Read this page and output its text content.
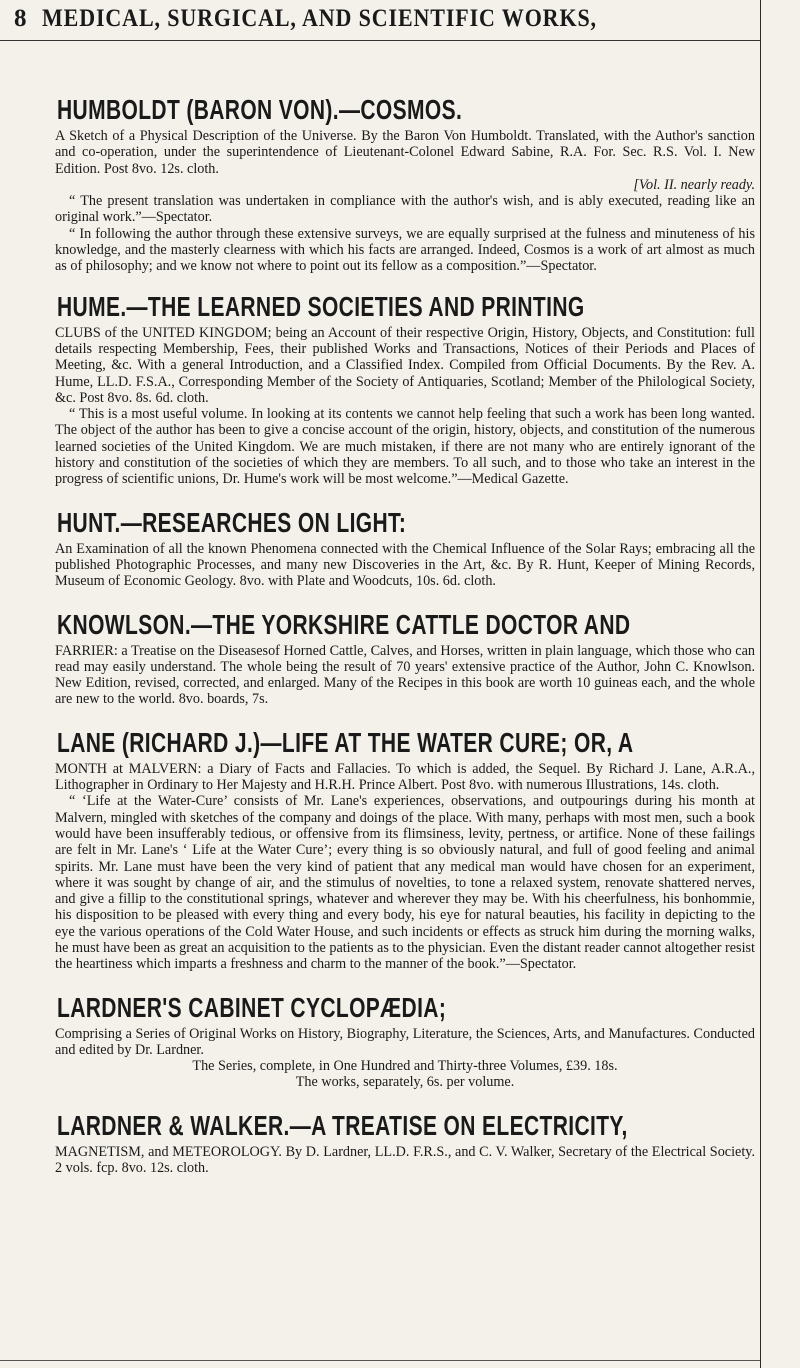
8 MEDICAL, SURGICAL, AND SCIENTIFIC WORKS,
HUMBOLDT (BARON VON).—COSMOS.

A Sketch of a Physical Description of the Universe. By the Baron Von Humboldt. Translated, with the Author's sanction and co-operation, under the superintendence of Lieutenant-Colonel Edward Sabine, R.A. For. Sec. R.S. Vol. I. New Edition. Post 8vo. 12s. cloth.

[Vol. II. nearly ready.

“ The present translation was undertaken in compliance with the author's wish, and is ably executed, reading like an original work.”—Spectator.

“ In following the author through these extensive surveys, we are equally surprised at the fulness and minuteness of his knowledge, and the masterly clearness with which his facts are arranged. Indeed, Cosmos is a work of art almost as much as of philosophy; and we know not where to point out its fellow as a composition.”—Spectator.

HUME.—THE LEARNED SOCIETIES AND PRINTING

CLUBS of the UNITED KINGDOM; being an Account of their respective Origin, History, Objects, and Constitution: full details respecting Membership, Fees, their published Works and Transactions, Notices of their Periods and Places of Meeting, &c. With a general Introduction, and a Classified Index. Compiled from Official Documents. By the Rev. A. Hume, LL.D. F.S.A., Corresponding Member of the Society of Antiquaries, Scotland; Member of the Philological Society, &c. Post 8vo. 8s. 6d. cloth.

“ This is a most useful volume. In looking at its contents we cannot help feeling that such a work has been long wanted. The object of the author has been to give a concise account of the origin, history, objects, and constitution of the numerous learned societies of the United Kingdom. We are much mistaken, if there are not many who are entirely ignorant of the history and constitution of the societies of which they are members. To all such, and to those who take an interest in the progress of scientific unions, Dr. Hume's work will be most welcome.”—Medical Gazette.

HUNT.—RESEARCHES ON LIGHT:

An Examination of all the known Phenomena connected with the Chemical Influence of the Solar Rays; embracing all the published Photographic Processes, and many new Discoveries in the Art, &c. By R. Hunt, Keeper of Mining Records, Museum of Economic Geology. 8vo. with Plate and Woodcuts, 10s. 6d. cloth.

KNOWLSON.—THE YORKSHIRE CATTLE DOCTOR AND

FARRIER: a Treatise on the Diseasesof Horned Cattle, Calves, and Horses, written in plain language, which those who can read may easily understand. The whole being the result of 70 years' extensive practice of the Author, John C. Knowlson. New Edition, revised, corrected, and enlarged. Many of the Recipes in this book are worth 10 guineas each, and the whole are new to the world. 8vo. boards, 7s.

LANE (RICHARD J.)—LIFE AT THE WATER CURE; OR, A

MONTH at MALVERN: a Diary of Facts and Fallacies. To which is added, the Sequel. By Richard J. Lane, A.R.A., Lithographer in Ordinary to Her Majesty and H.R.H. Prince Albert. Post 8vo. with numerous Illustrations, 14s. cloth.

“ ‘Life at the Water-Cure’ consists of Mr. Lane's experiences, observations, and outpourings during his month at Malvern, mingled with sketches of the company and doings of the place. With many, perhaps with most men, such a book would have been insufferably tedious, or offensive from its flimsiness, levity, pertness, or artifice. None of these failings are felt in Mr. Lane's ‘ Life at the Water Cure’; every thing is so obviously natural, and full of good feeling and animal spirits. Mr. Lane must have been the very kind of patient that any medical man would have chosen for an experiment, where it was sought by change of air, and the stimulus of novelties, to tone a relaxed system, renovate shattered nerves, and give a fillip to the constitutional springs, whatever and wherever they may be. With his cheerfulness, his bonhommie, his disposition to be pleased with every thing and every body, his eye for natural beauties, his facility in depicting to the eye the various operations of the Cold Water House, and such incidents or effects as struck him during the morning walks, he must have been as great an acquisition to the patients as to the physician. Even the distant reader cannot altogether resist the heartiness which imparts a freshness and charm to the manner of the book.”—Spectator.

LARDNER'S CABINET CYCLOPÆDIA;

Comprising a Series of Original Works on History, Biography, Literature, the Sciences, Arts, and Manufactures. Conducted and edited by Dr. Lardner.

The Series, complete, in One Hundred and Thirty-three Volumes, £39. 18s.

The works, separately, 6s. per volume.

LARDNER & WALKER.—A TREATISE ON ELECTRICITY,

MAGNETISM, and METEOROLOGY. By D. Lardner, LL.D. F.R.S., and C. V. Walker, Secretary of the Electrical Society. 2 vols. fcp. 8vo. 12s. cloth.
